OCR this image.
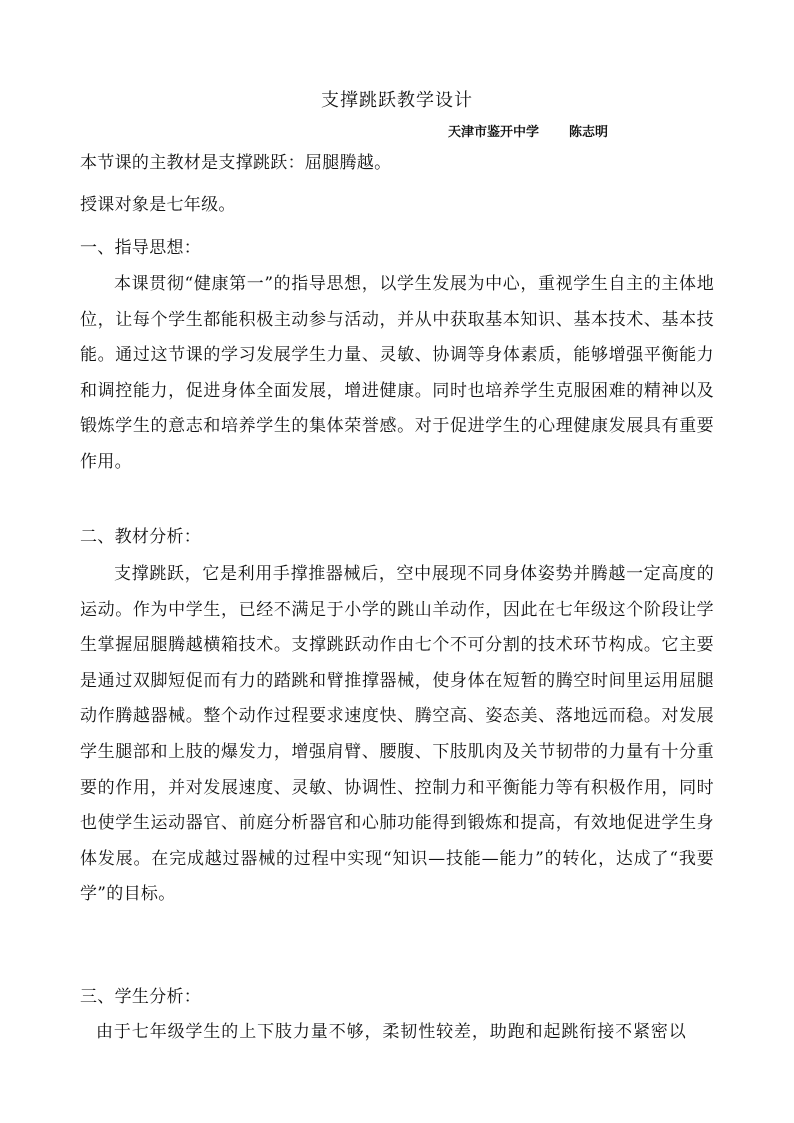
支撑跳跃教学设计
天津市鉴开中学 陈志明
本节课的主教材是支撑跳跃：屈腿腾越。
授课对象是七年级。
一、指导思想：

本课贯彻“健康第一”的指导思想，以学生发展为中心，重视学生自主的主体地位，让每个学生都能积极主动参与活动，并从中获取基本知识、基本技术、基本技能。通过这节课的学习发展学生力量、灵敏、协调等身体素质，能够增强平衡能力和调控能力，促进身体全面发展，增进健康。同时也培养学生克服困难的精神以及锻炼学生的意志和培养学生的集体荣誉感。对于促进学生的心理健康发展具有重要作用。

二、教材分析：

支撑跳跃，它是利用手撑推器械后，空中展现不同身体姿势并腾越一定高度的运动。作为中学生，已经不满足于小学的跳山羊动作，因此在七年级这个阶段让学生掌握屈腿腾越横箱技术。支撑跳跃动作由七个不可分割的技术环节构成。它主要是通过双脚短促而有力的踏跳和臂推撑器械，使身体在短暂的腾空时间里运用屈腿动作腾越器械。整个动作过程要求速度快、腾空高、姿态美、落地远而稳。对发展学生腿部和上肢的爆发力，增强肩臂、腰腹、下肢肌肉及关节韧带的力量有十分重要的作用，并对发展速度、灵敏、协调性、控制力和平衡能力等有积极作用，同时也使学生运动器官、前庭分析器官和心肺功能得到锻炼和提高，有效地促进学生身体发展。在完成越过器械的过程中实现“知识—技能—能力”的转化，达成了“我要学”的目标。

三、学生分析：
由于七年级学生的上下肢力量不够，柔韧性较差，助跑和起跳衔接不紧密以
